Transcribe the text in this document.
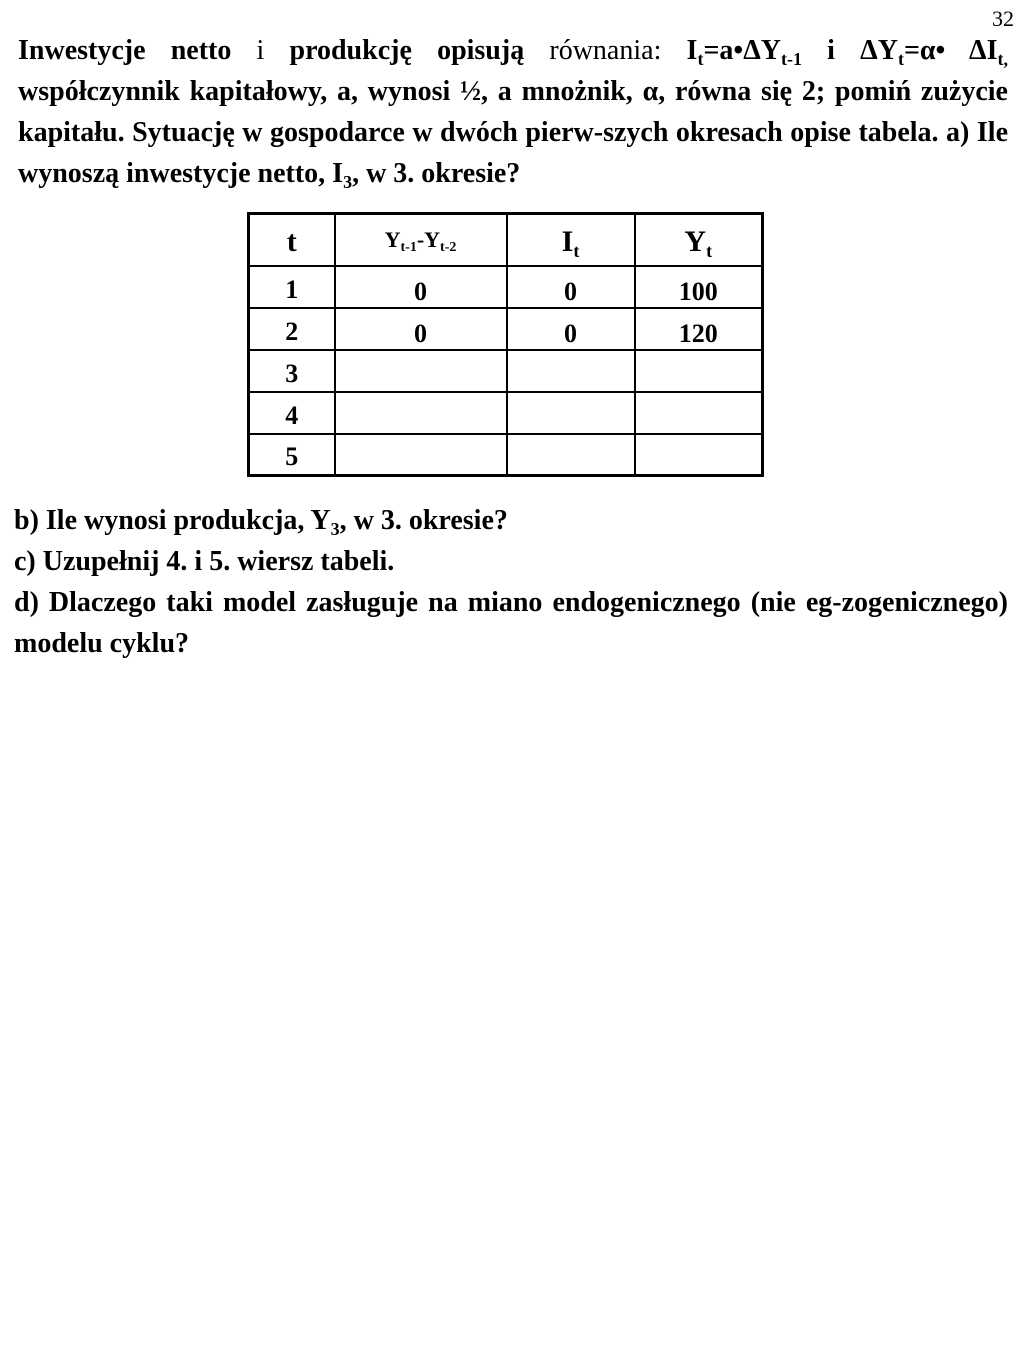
32
Inwestycje netto i produkcję opisują równania: $I_t=a•\Delta Y_{t-1}$ i $\Delta Y_t=\alpha•$ $\Delta I_{t,}$ współczynnik kapitałowy, a, wynosi ½, a mnożnik, α, równa się 2; pomiń zużycie kapitału. Sytuację w gospodarce w dwóch pierw-szych okresach opise tabela. a) Ile wynoszą inwestycje netto, $I_3$, w 3. okresie?
t	$Y_{t-1}-Y_{t-2}$	$I_t$	$Y_t$
1	0	0	100
2	0	0	120
3			
4			
5			
b) Ile wynosi produkcja, $Y_3$, w 3. okresie?
c) Uzupełnij 4. i 5. wiersz tabeli.
d) Dlaczego taki model zasługuje na miano endogenicznego (nie eg-zogenicznego) modelu cyklu?
